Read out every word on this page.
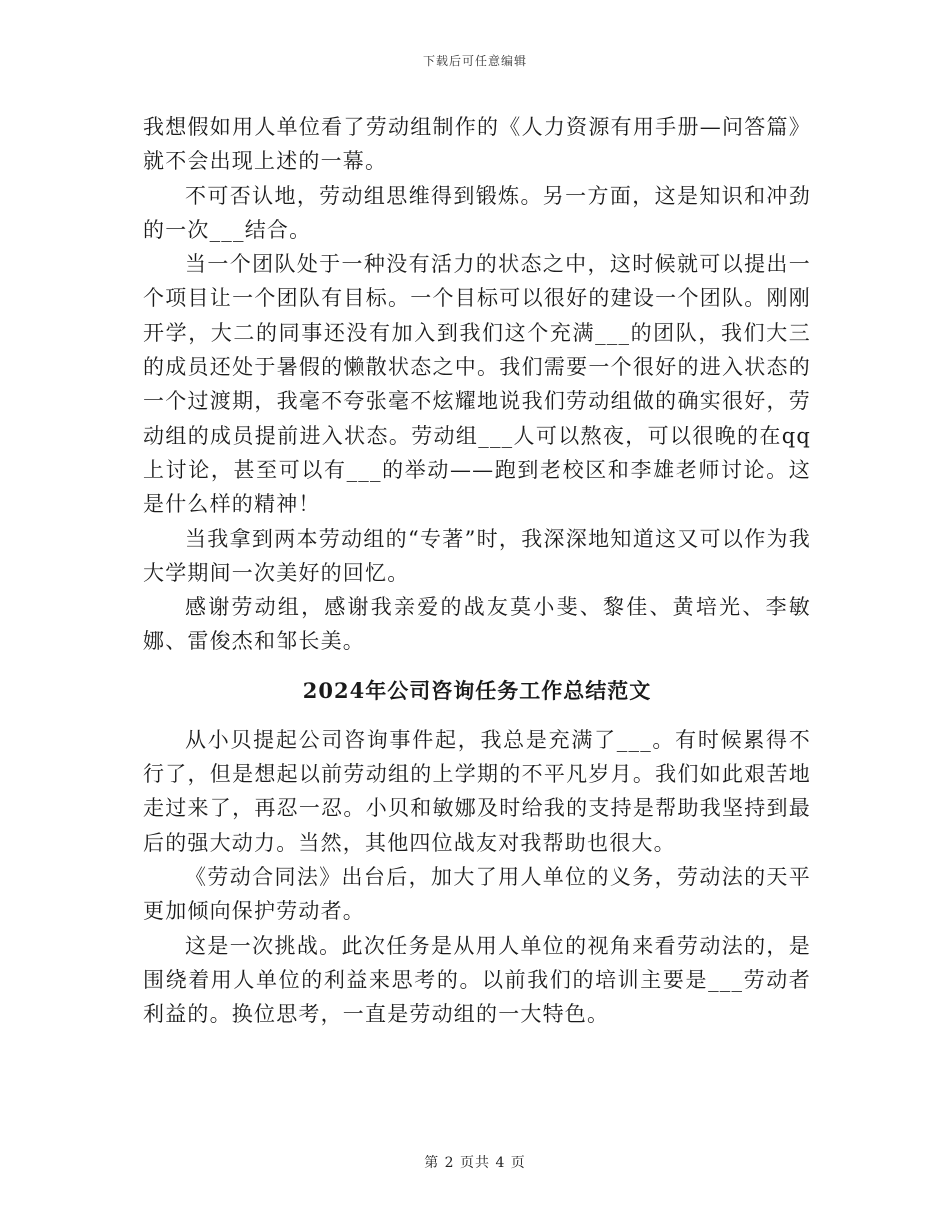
下载后可任意编辑

我想假如用人单位看了劳动组制作的《人力资源有用手册—问答篇》就不会出现上述的一幕。

不可否认地，劳动组思维得到锻炼。另一方面，这是知识和冲劲的一次___结合。

当一个团队处于一种没有活力的状态之中，这时候就可以提出一个项目让一个团队有目标。一个目标可以很好的建设一个团队。刚刚开学，大二的同事还没有加入到我们这个充满___的团队，我们大三的成员还处于暑假的懒散状态之中。我们需要一个很好的进入状态的一个过渡期，我毫不夸张毫不炫耀地说我们劳动组做的确实很好，劳动组的成员提前进入状态。劳动组___人可以熬夜，可以很晚的在qq上讨论，甚至可以有___的举动——跑到老校区和李雄老师讨论。这是什么样的精神！

当我拿到两本劳动组的“专著”时，我深深地知道这又可以作为我大学期间一次美好的回忆。

感谢劳动组，感谢我亲爱的战友莫小斐、黎佳、黄培光、李敏娜、雷俊杰和邹长美。

2024年公司咨询任务工作总结范文

从小贝提起公司咨询事件起，我总是充满了___。有时候累得不行了，但是想起以前劳动组的上学期的不平凡岁月。我们如此艰苦地走过来了，再忍一忍。小贝和敏娜及时给我的支持是帮助我坚持到最后的强大动力。当然，其他四位战友对我帮助也很大。

《劳动合同法》出台后，加大了用人单位的义务，劳动法的天平更加倾向保护劳动者。

这是一次挑战。此次任务是从用人单位的视角来看劳动法的，是围绕着用人单位的利益来思考的。以前我们的培训主要是___劳动者利益的。换位思考，一直是劳动组的一大特色。

第 2 页共 4 页
